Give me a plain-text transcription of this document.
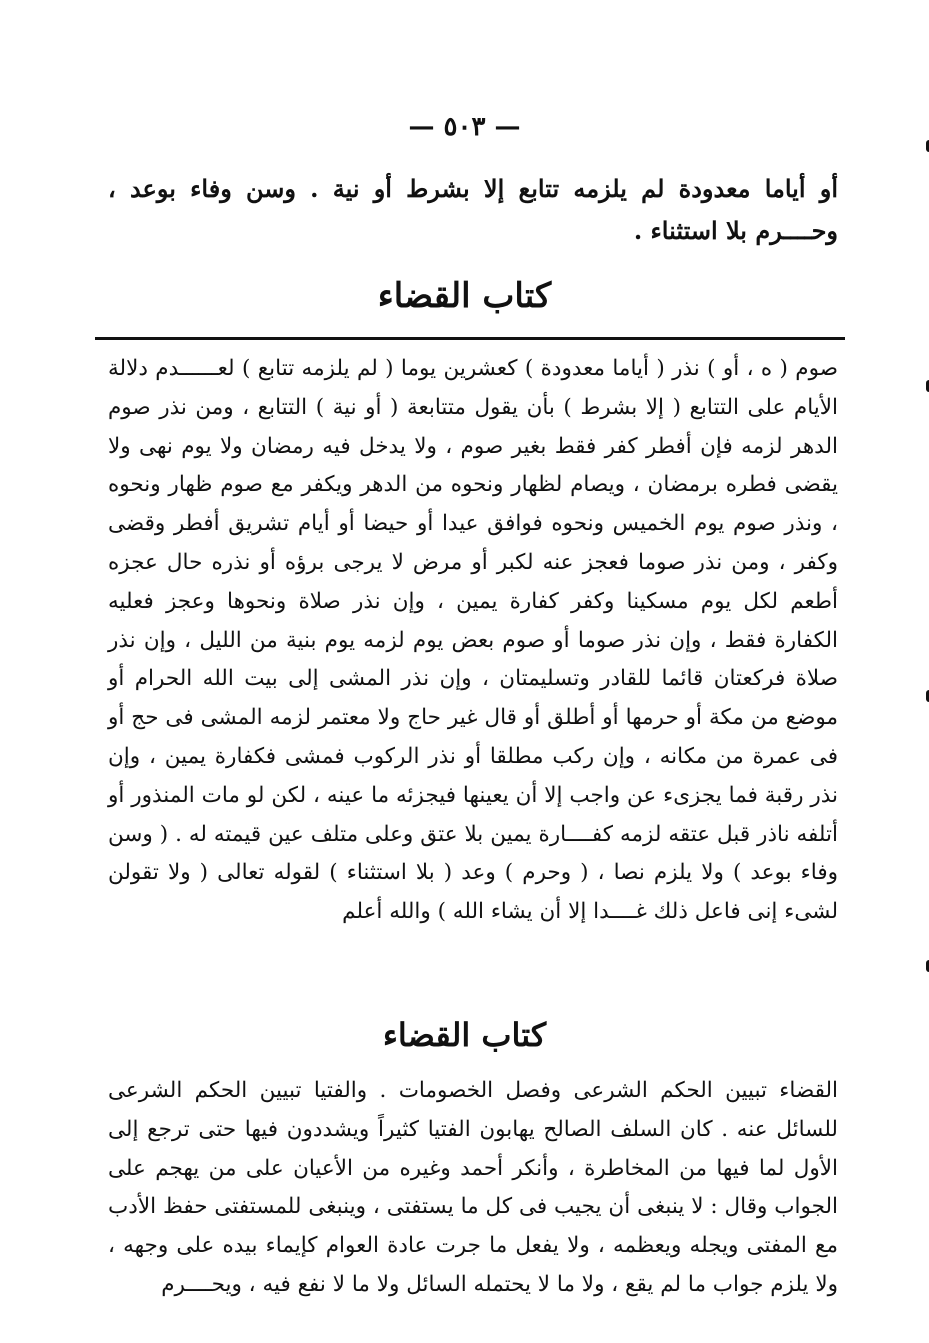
— ٥٠٣ —

أو أياما معدودة لم يلزمه تتابع إلا بشرط أو نية . وسن وفاء بوعد ، وحــــرم بلا استثناء .

كتاب القضاء

صوم ( ه ، أو ) نذر ( أياما معدودة ) كعشرين يوما ( لم يلزمه تتابع ) لعــــــدم دلالة الأيام على التتابع ( إلا بشرط ) بأن يقول متتابعة ( أو نية ) التتابع ، ومن نذر صوم الدهر لزمه فإن أفطر كفر فقط بغير صوم ، ولا يدخل فيه رمضان ولا يوم نهى ولا يقضى فطره برمضان ، ويصام لظهار ونحوه من الدهر ويكفر مع صوم ظهار ونحوه ، ونذر صوم يوم الخميس ونحوه فوافق عيدا أو حيضا أو أيام تشريق أفطر وقضى وكفر ، ومن نذر صوما فعجز عنه لكبر أو مرض لا يرجى برؤه أو نذره حال عجزه أطعم لكل يوم مسكينا وكفر كفارة يمين ، وإن نذر صلاة ونحوها وعجز فعليه الكفارة فقط ، وإن نذر صوما أو صوم بعض يوم لزمه يوم بنية من الليل ، وإن نذر صلاة فركعتان قائما للقادر وتسليمتان ، وإن نذر المشى إلى بيت الله الحرام أو موضع من مكة أو حرمها أو أطلق أو قال غير حاج ولا معتمر لزمه المشى فى حج أو فى عمرة من مكانه ، وإن ركب مطلقا أو نذر الركوب فمشى فكفارة يمين ، وإن نذر رقبة فما يجزىء عن واجب إلا أن يعينها فيجزئه ما عينه ، لكن لو مات المنذور أو أتلفه ناذر قبل عتقه لزمه كفــــارة يمين بلا عتق وعلى متلف عين قيمته له . ( وسن وفاء بوعد ) ولا يلزم نصا ، ( وحرم ) وعد ( بلا استثناء ) لقوله تعالى ( ولا تقولن لشىء إنى فاعل ذلك غــــدا إلا أن يشاء الله ) والله أعلم

كتاب القضاء

القضاء تبيين الحكم الشرعى وفصل الخصومات . والفتيا تبيين الحكم الشرعى للسائل عنه . كان السلف الصالح يهابون الفتيا كثيراً ويشددون فيها حتى ترجع إلى الأول لما فيها من المخاطرة ، وأنكر أحمد وغيره من الأعيان على من يهجم على الجواب وقال : لا ينبغى أن يجيب فى كل ما يستفتى ، وينبغى للمستفتى حفظ الأدب مع المفتى ويجله ويعظمه ، ولا يفعل ما جرت عادة العوام كإيماء بيده على وجهه ، ولا يلزم جواب ما لم يقع ، ولا ما لا يحتمله السائل ولا ما لا نفع فيه ، ويحــــرم
